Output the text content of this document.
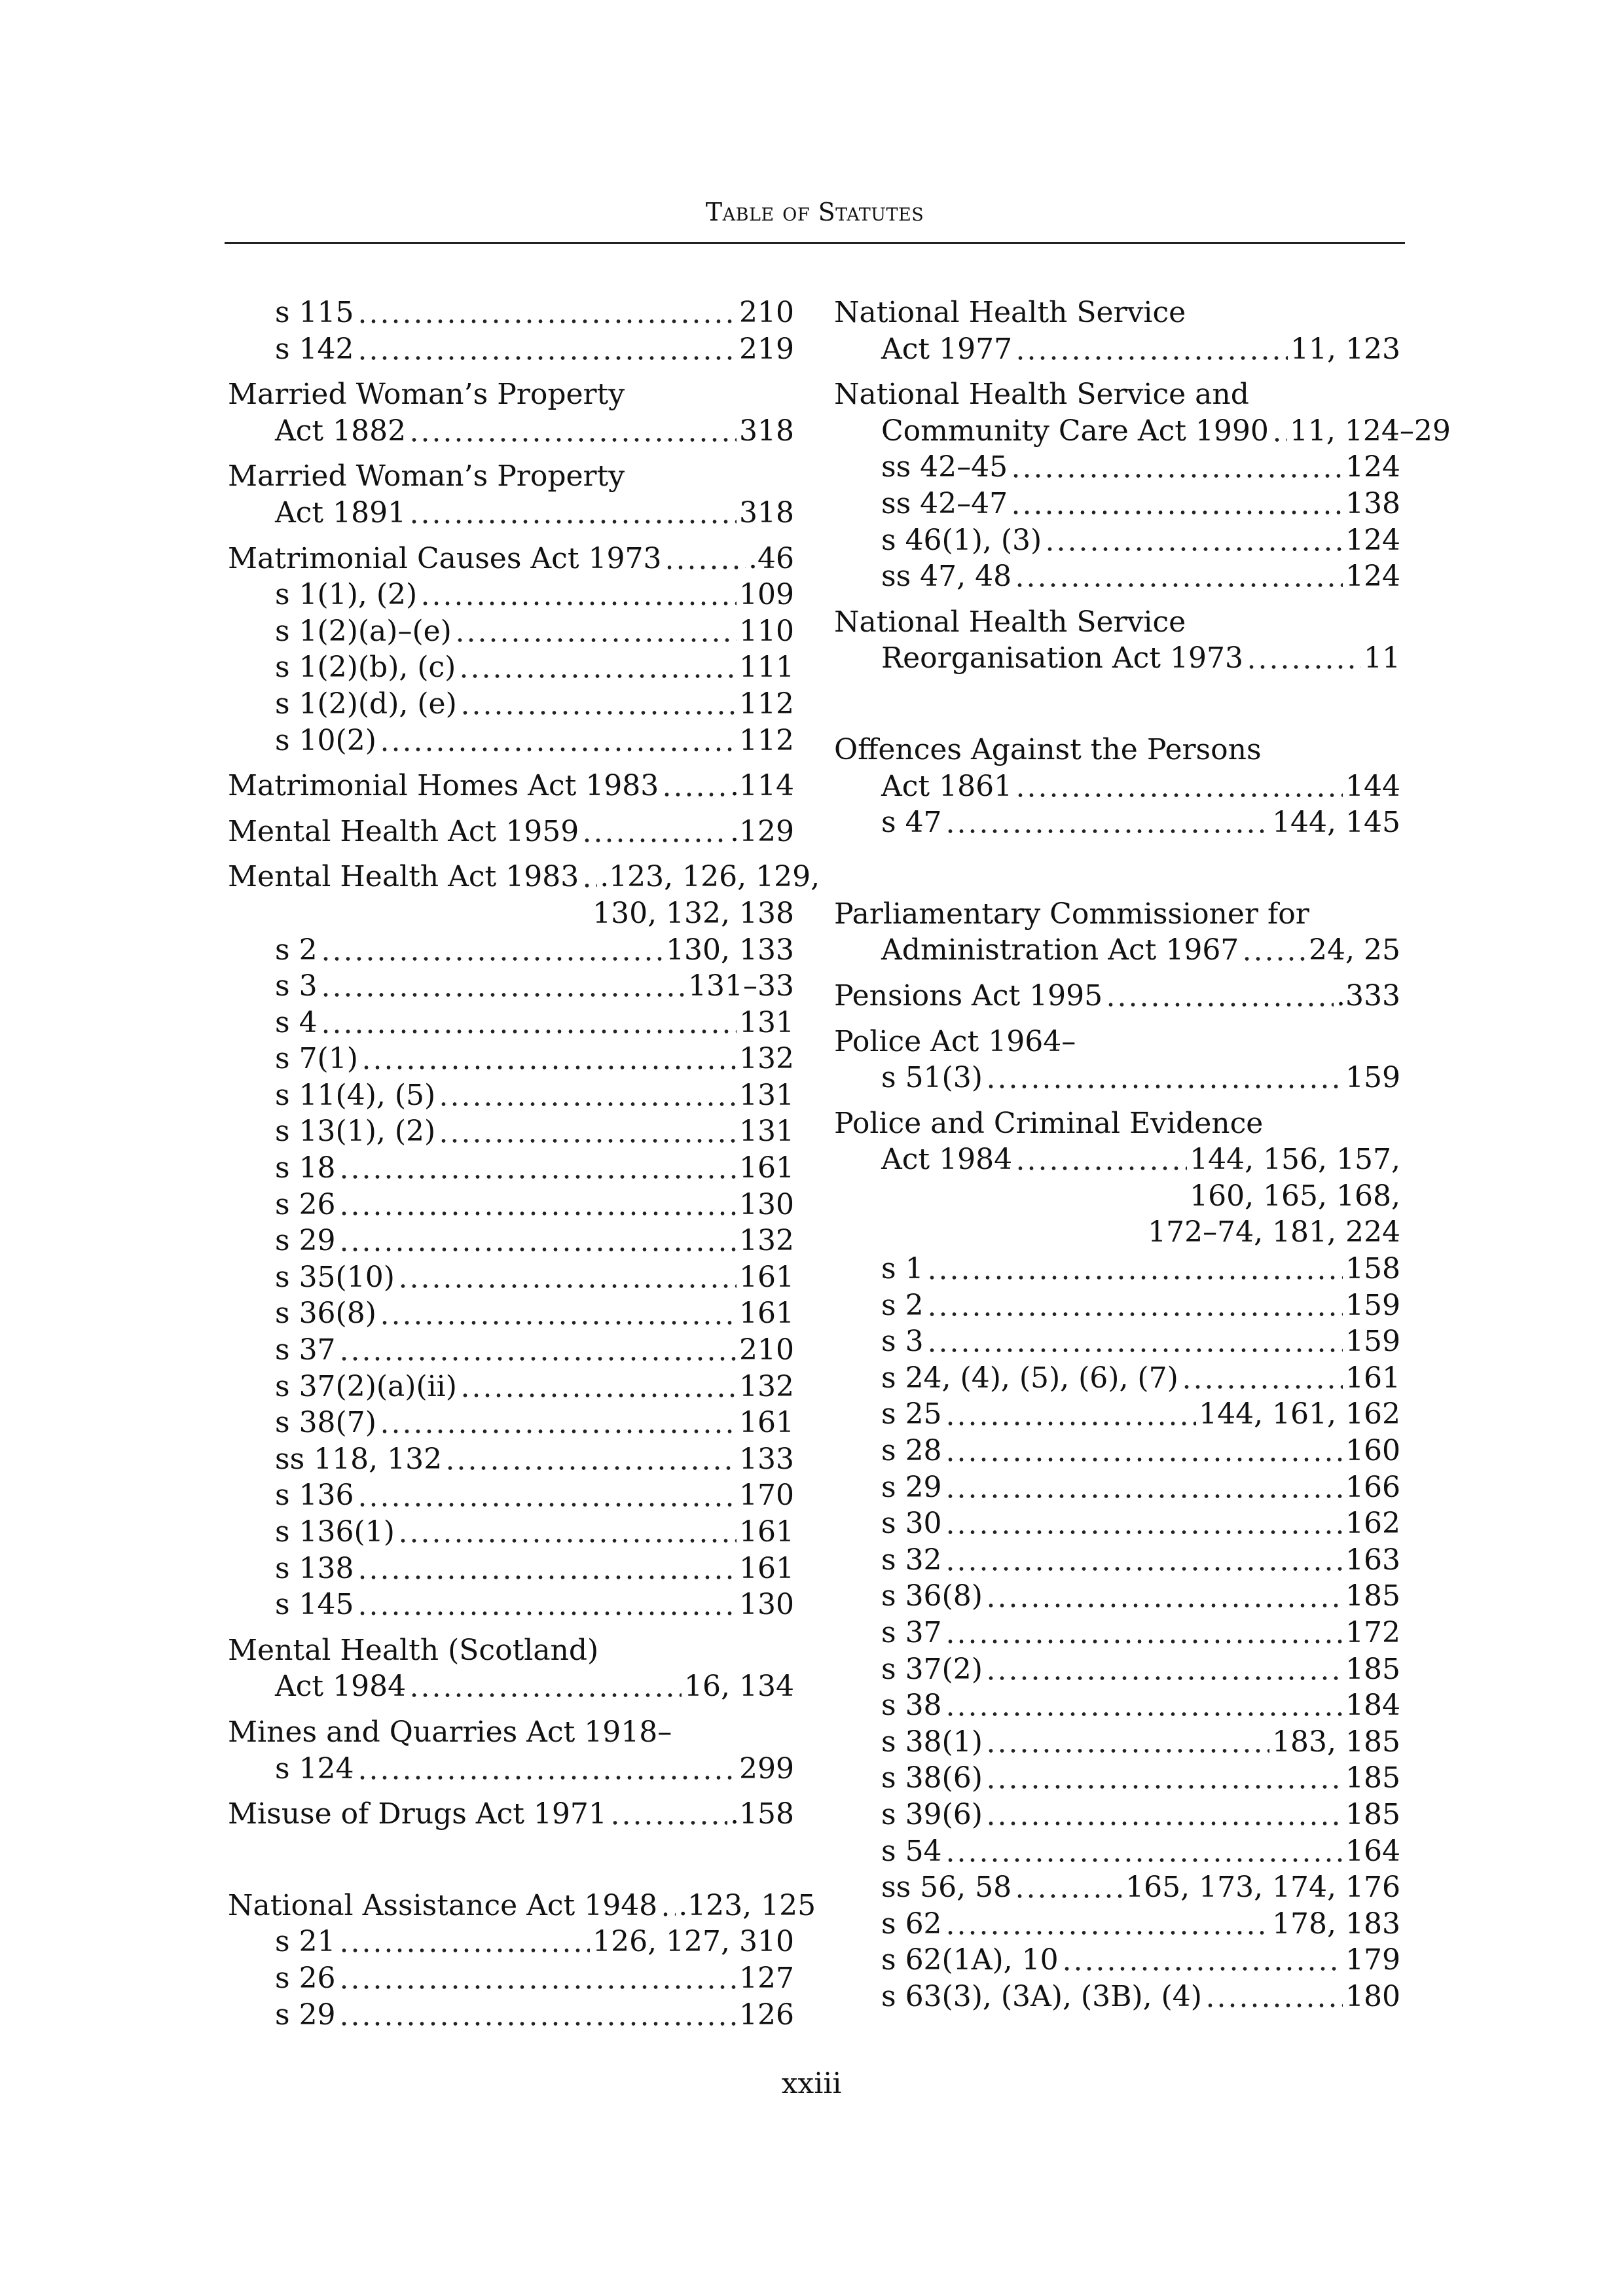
Table of Statutes
s 115	210
s 142	219
Married Woman’s Property
Act 1882	318
Married Woman’s Property
Act 1891	318
Matrimonial Causes Act 1973	.46
s 1(1), (2)	109
s 1(2)(a)–(e)	110
s 1(2)(b), (c)	111
s 1(2)(d), (e)	112
s 10(2)	112
Matrimonial Homes Act 1983 .114
Mental Health Act 1959	.129
Mental Health Act 1983 .123, 126, 129,
130, 132, 138
s 2	130, 133
s 3	131–33
s 4	131
s 7(1)	132
s 11(4), (5)	131
s 13(1), (2)	131
s 18	161
s 26	130
s 29	132
s 35(10)	161
s 36(8)	161
s 37	210
s 37(2)(a)(ii)	132
s 38(7)	161
ss 118, 132	133
s 136	170
s 136(1)	161
s 138	161
s 145	130
Mental Health (Scotland)
Act 1984	16, 134
Mines and Quarries Act 1918–
s 124	299
Misuse of Drugs Act 1971	.158
National Assistance Act 1948 .123, 125
s 21	126, 127, 310
s 26	127
s 29	126
National Health Service
Act 1977	11, 123
National Health Service and
Community Care Act 1990 11, 124–29
ss 42–45	124
ss 42–47	138
s 46(1), (3)	124
ss 47, 48	124
National Health Service
Reorganisation Act 1973	11
Offences Against the Persons
Act 1861	144
s 47	144, 145
Parliamentary Commissioner for
Administration Act 1967 24, 25
Pensions Act 1995	.333
Police Act 1964–
s 51(3)	159
Police and Criminal Evidence
Act 1984	144, 156, 157,
160, 165, 168,
172–74, 181, 224
s 1	158
s 2	159
s 3	159
s 24, (4), (5), (6), (7)	161
s 25	144, 161, 162
s 28	160
s 29	166
s 30	162
s 32	163
s 36(8)	185
s 37	172
s 37(2)	185
s 38	184
s 38(1)	183, 185
s 38(6)	185
s 39(6)	185
s 54	164
ss 56, 58	165, 173, 174, 176
s 62	178, 183
s 62(1A), 10	179
s 63(3), (3A), (3B), (4)	180
xxiii
